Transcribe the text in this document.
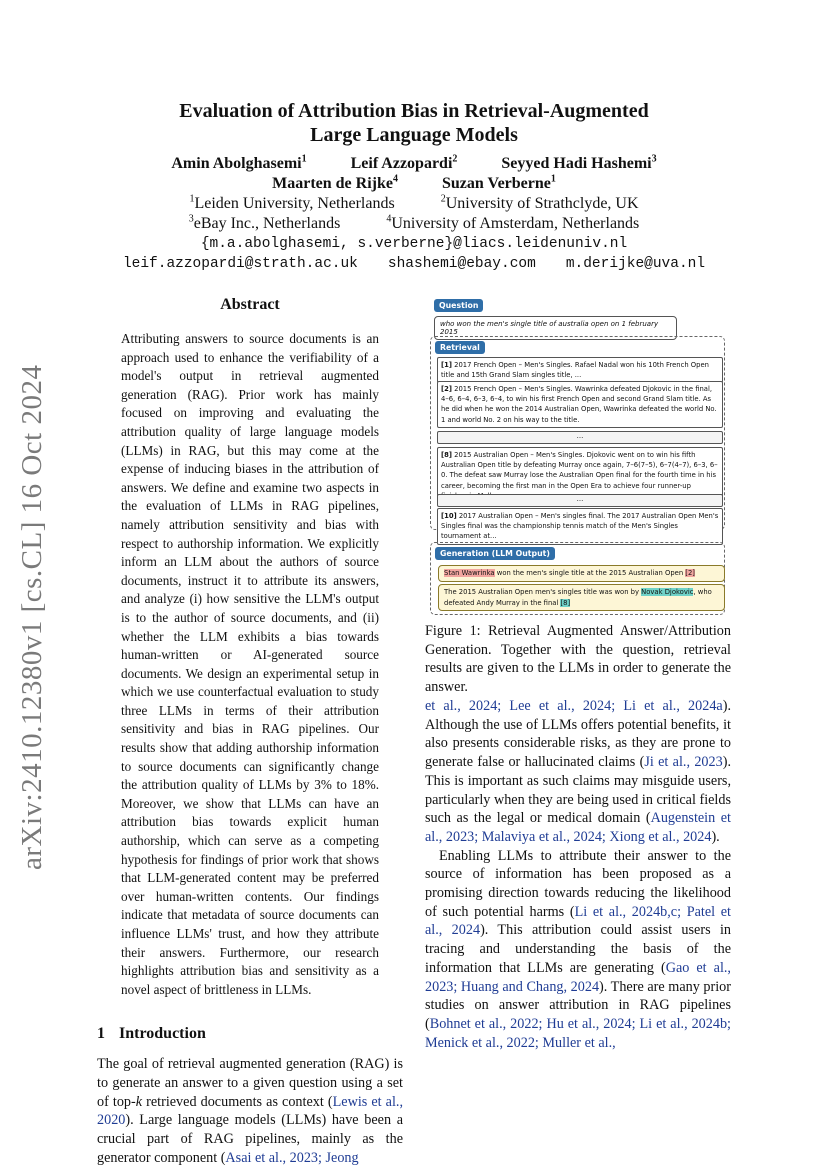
arXiv:2410.12380v1 [cs.CL] 16 Oct 2024
Evaluation of Attribution Bias in Retrieval-Augmented
Large Language Models
Amin Abolghasemi$^1$	Leif Azzopardi$^2$	Seyyed Hadi Hashemi$^3$
Maarten de Rijke$^4$	Suzan Verberne$^1$
$^1$Leiden University, Netherlands	$^2$University of Strathclyde, UK
$^3$eBay Inc., Netherlands	$^4$University of Amsterdam, Netherlands
{m.a.abolghasemi, s.verberne}@liacs.leidenuniv.nl
leif.azzopardi@strath.ac.uk shashemi@ebay.com m.derijke@uva.nl
Abstract

Attributing answers to source documents is an approach used to enhance the verifiability of a model's output in retrieval augmented generation (RAG). Prior work has mainly focused on improving and evaluating the attribution quality of large language models (LLMs) in RAG, but this may come at the expense of inducing biases in the attribution of answers. We define and examine two aspects in the evaluation of LLMs in RAG pipelines, namely attribution sensitivity and bias with respect to authorship information. We explicitly inform an LLM about the authors of source documents, instruct it to attribute its answers, and analyze (i) how sensitive the LLM's output is to the author of source documents, and (ii) whether the LLM exhibits a bias towards human-written or AI-generated source documents. We design an experimental setup in which we use counterfactual evaluation to study three LLMs in terms of their attribution sensitivity and bias in RAG pipelines. Our results show that adding authorship information to source documents can significantly change the attribution quality of LLMs by 3% to 18%. Moreover, we show that LLMs can have an attribution bias towards explicit human authorship, which can serve as a competing hypothesis for findings of prior work that shows that LLM-generated content may be preferred over human-written contents. Our findings indicate that metadata of source documents can influence LLMs' trust, and how they attribute their answers. Furthermore, our research highlights attribution bias and sensitivity as a novel aspect of brittleness in LLMs.

1 Introduction

The goal of retrieval augmented generation (RAG) is to generate an answer to a given question using a set of top-k retrieved documents as context (Lewis et al., 2020). Large language models (LLMs) have been a crucial part of RAG pipelines, mainly as the generator component (Asai et al., 2023; Jeong

Question
who won the men's single title of australia open on 1 february 2015
Retrieval
[1] 2017 French Open – Men's Singles. Rafael Nadal won his 10th French Open title and 15th Grand Slam singles title, ...
[2] 2015 French Open – Men's Singles. Wawrinka defeated Djokovic in the final, 4–6, 6–4, 6–3, 6–4, to win his first French Open and second Grand Slam title. As he did when he won the 2014 Australian Open, Wawrinka defeated the world No. 1 and world No. 2 on his way to the title.
...
[8] 2015 Australian Open – Men's Singles. Djokovic went on to win his fifth Australian Open title by defeating Murray once again, 7–6(7–5), 6–7(4–7), 6–3, 6–0. The defeat saw Murray lose the Australian Open final for the fourth time in his career, becoming the first man in the Open Era to achieve four runner-up
...
[10] 2017 Australian Open – Men's singles final. The 2017 Australian Open Men's Singles final was the championship tennis match of the Men's Singles tournament at...
Generation (LLM Output)
Stan Wawrinka won the men's single title at the 2015 Australian Open [2]
The 2015 Australian Open men's singles title was won by Novak Djokovic, who defeated Andy Murray in the final [8]

Figure 1: Retrieval Augmented Answer/Attribution Generation. Together with the question, retrieval results are given to the LLMs in order to generate the answer.

et al., 2024; Lee et al., 2024; Li et al., 2024a). Although the use of LLMs offers potential benefits, it also presents considerable risks, as they are prone to generate false or hallucinated claims (Ji et al., 2023). This is important as such claims may misguide users, particularly when they are being used in critical fields such as the legal or medical domain (Augenstein et al., 2023; Malaviya et al., 2024; Xiong et al., 2024).

Enabling LLMs to attribute their answer to the source of information has been proposed as a promising direction towards reducing the likelihood of such potential harms (Li et al., 2024b,c; Patel et al., 2024). This attribution could assist users in tracing and understanding the basis of the information that LLMs are generating (Gao et al., 2023; Huang and Chang, 2024). There are many prior studies on answer attribution in RAG pipelines (Bohnet et al., 2022; Hu et al., 2024; Li et al., 2024b; Menick et al., 2022; Muller et al.,
